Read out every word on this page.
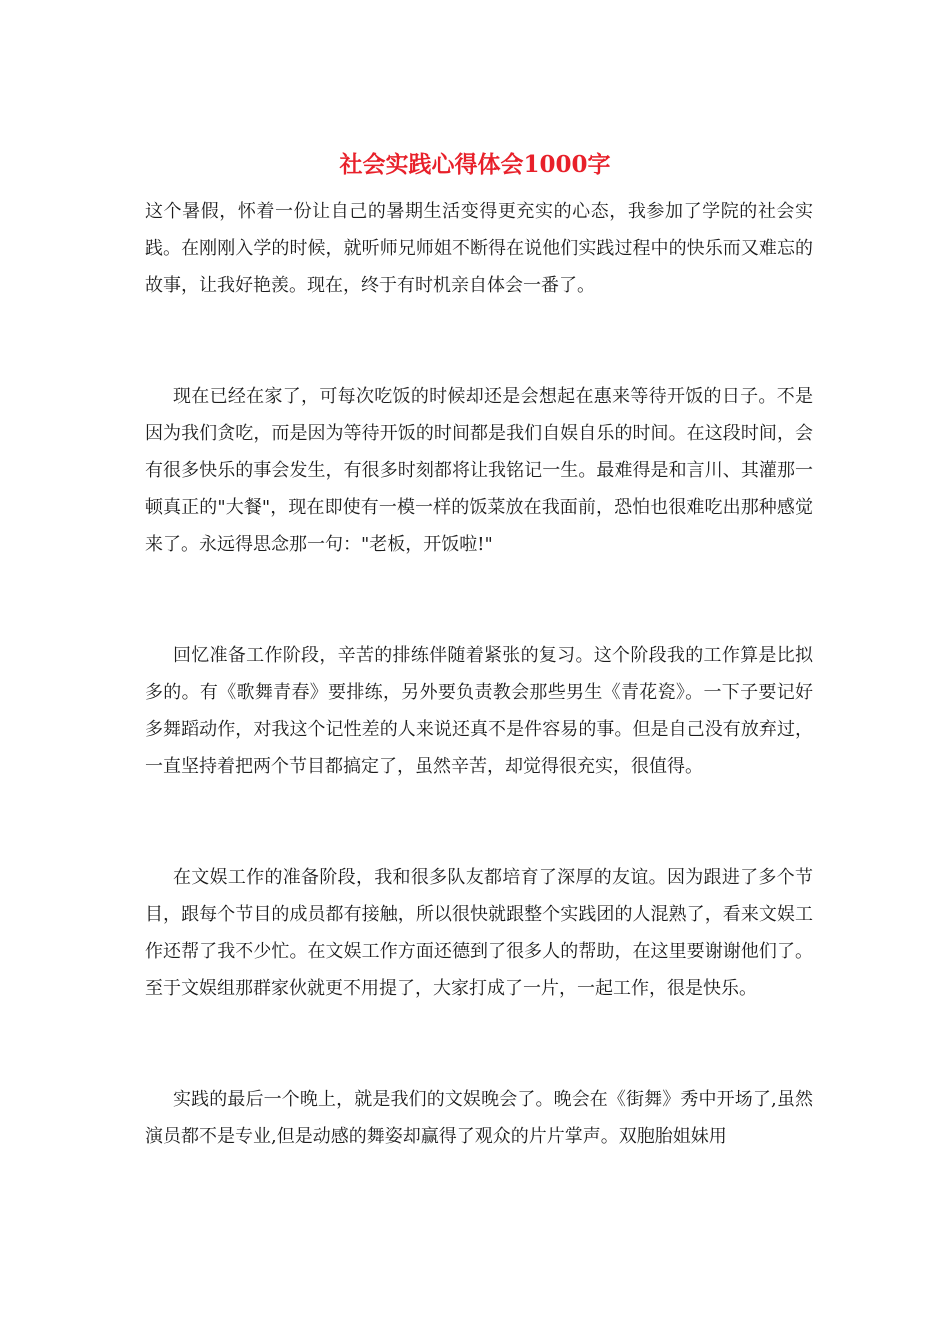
社会实践心得体会1000字

这个暑假，怀着一份让自己的暑期生活变得更充实的心态，我参加了学院的社会实践。在刚刚入学的时候，就听师兄师姐不断得在说他们实践过程中的快乐而又难忘的故事，让我好艳羡。现在，终于有时机亲自体会一番了。

现在已经在家了，可每次吃饭的时候却还是会想起在惠来等待开饭的日子。不是因为我们贪吃，而是因为等待开饭的时间都是我们自娱自乐的时间。在这段时间，会有很多快乐的事会发生，有很多时刻都将让我铭记一生。最难得是和言川、其灌那一顿真正的"大餐"，现在即使有一模一样的饭菜放在我面前，恐怕也很难吃出那种感觉来了。永远得思念那一句："老板，开饭啦!"

回忆准备工作阶段，辛苦的排练伴随着紧张的复习。这个阶段我的工作算是比拟多的。有《歌舞青春》要排练，另外要负责教会那些男生《青花瓷》。一下子要记好多舞蹈动作，对我这个记性差的人来说还真不是件容易的事。但是自己没有放弃过，一直坚持着把两个节目都搞定了，虽然辛苦，却觉得很充实，很值得。

在文娱工作的准备阶段，我和很多队友都培育了深厚的友谊。因为跟进了多个节目，跟每个节目的成员都有接触，所以很快就跟整个实践团的人混熟了，看来文娱工作还帮了我不少忙。在文娱工作方面还德到了很多人的帮助，在这里要谢谢他们了。至于文娱组那群家伙就更不用提了，大家打成了一片，一起工作，很是快乐。

实践的最后一个晚上，就是我们的文娱晚会了。晚会在《街舞》秀中开场了,虽然演员都不是专业,但是动感的舞姿却赢得了观众的片片掌声。双胞胎姐妹用
